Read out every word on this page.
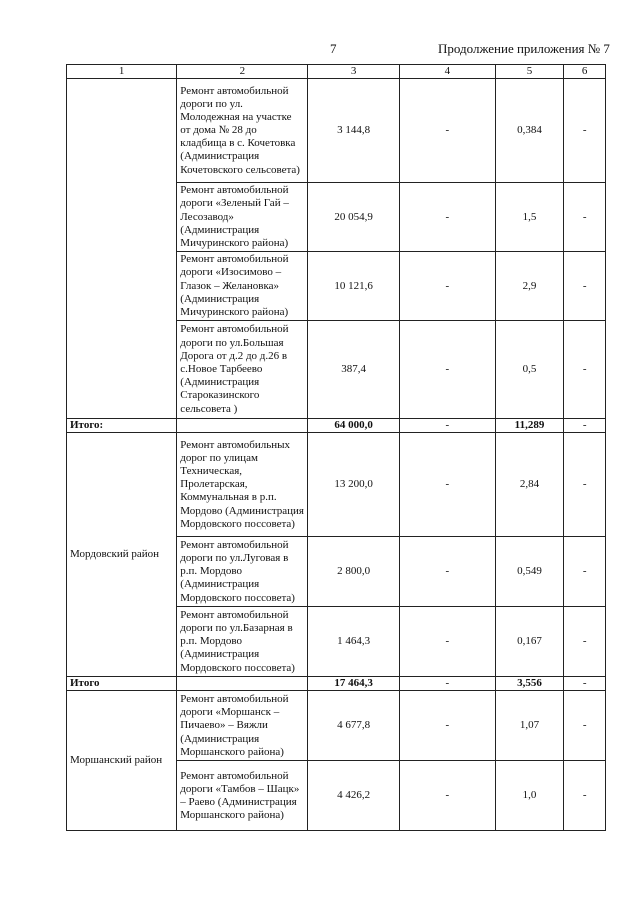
7	Продолжение приложения № 7
1	2	3	4	5	6
	Ремонт автомобильной дороги по ул. Молодежная на участке от дома № 28 до кладбища в с. Кочетовка (Администрация Кочетовского сельсовета)	3 144,8	-	0,384	-
	Ремонт автомобильной дороги «Зеленый Гай – Лесозавод» (Администрация Мичуринского района)	20 054,9	-	1,5	-
	Ремонт автомобильной дороги «Изосимово – Глазок – Желановка» (Администрация Мичуринского района)	10 121,6	-	2,9	-
	Ремонт автомобильной дороги по ул.Большая Дорога от д.2 до д.26 в с.Новое Тарбеево (Администрация Староказинского сельсовета )	387,4	-	0,5	-
Итого:		64 000,0	-	11,289	-
Мордовский район	Ремонт автомобильных дорог по улицам Техническая, Пролетарская, Коммунальная в р.п. Мордово (Администрация Мордовского поссовета)	13 200,0	-	2,84	-
	Ремонт автомобильной дороги по ул.Луговая в р.п. Мордово (Администрация Мордовского поссовета)	2 800,0	-	0,549	-
	Ремонт автомобильной дороги по ул.Базарная в р.п. Мордово (Администрация Мордовского поссовета)	1 464,3	-	0,167	-
Итого		17 464,3	-	3,556	-
Моршанский район	Ремонт автомобильной дороги «Моршанск – Пичаево» – Вяжли (Администрация Моршанского района)	4 677,8	-	1,07	-
	Ремонт автомобильной дороги «Тамбов – Шацк» – Раево (Администрация Моршанского района)	4 426,2	-	1,0	-
